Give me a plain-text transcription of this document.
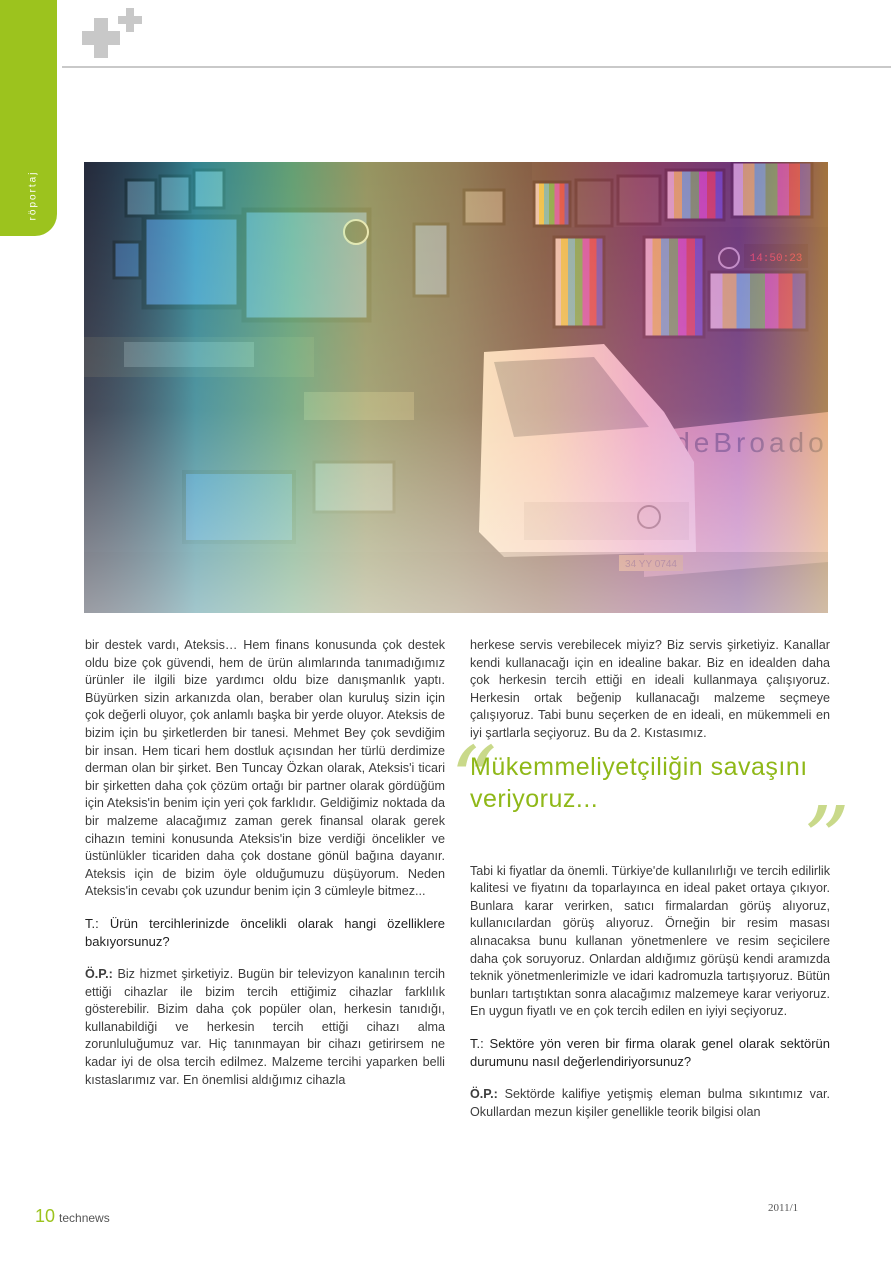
röportaj

bir destek vardı, Ateksis… Hem finans konusunda çok destek oldu bize çok güvendi, hem de ürün alımlarında tanımadığımız ürünler ile ilgili bize yardımcı oldu bize danışmanlık yaptı. Büyürken sizin arkanızda olan, beraber olan kuruluş sizin için çok değerli oluyor, çok anlamlı başka bir yerde oluyor. Ateksis de bizim için bu şirketlerden bir tanesi. Mehmet Bey çok sevdiğim bir insan. Hem ticari hem dostluk açısından her türlü derdimize derman olan bir şirket. Ben Tuncay Özkan olarak, Ateksis'i ticari bir şirketten daha çok çözüm ortağı bir partner olarak gördüğüm için Ateksis'in benim için yeri çok farklıdır. Geldiğimiz noktada da bir malzeme alacağımız zaman gerek finansal olarak gerek cihazın temini konusunda Ateksis'in bize verdiği öncelikler ve üstünlükler ticariden daha çok dostane gönül bağına dayanır. Ateksis için de bizim öyle olduğumuzu düşüyorum. Neden Ateksis'in cevabı çok uzundur benim için 3 cümleyle bitmez...

T.: Ürün tercihlerinizde öncelikli olarak hangi özelliklere bakıyorsunuz?

Ö.P.: Biz hizmet şirketiyiz. Bugün bir televizyon kanalının tercih ettiği cihazlar ile bizim tercih ettiğimiz cihazlar farklılık gösterebilir. Bizim daha çok popüler olan, herkesin tanıdığı, kullanabildiği ve herkesin tercih ettiği cihazı alma zorunluluğumuz var. Hiç tanınmayan bir cihazı getirirsem ne kadar iyi de olsa tercih edilmez. Malzeme tercihi yaparken belli kıstaslarımız var. En önemlisi aldığımız cihazla

herkese servis verebilecek miyiz? Biz servis şirketiyiz. Kanallar kendi kullanacağı için en idealine bakar. Biz en idealden daha çok herkesin tercih ettiği en ideali kullanmaya çalışıyoruz. Herkesin ortak beğenip kullanacağı malzeme seçmeye çalışıyoruz. Tabi bunu seçerken de en ideali, en mükemmeli en iyi şartlarla seçiyoruz. Bu da 2. Kıstasımız.

“
Mükemmeliyetçiliğin savaşını veriyoruz...	”

Tabi ki fiyatlar da önemli. Türkiye'de kullanılırlığı ve tercih edilirlik kalitesi ve fiyatını da toparlayınca en ideal paket ortaya çıkıyor. Bunlara karar verirken, satıcı firmalardan görüş alıyoruz, kullanıcılardan görüş alıyoruz. Örneğin bir resim masası alınacaksa bunu kullanan yönetmenlere ve resim seçicilere daha çok soruyoruz. Onlardan aldığımız görüşü kendi aramızda teknik yönetmenlerimizle ve idari kadromuzla tartışıyoruz. Bütün bunları tartıştıktan sonra alacağımız malzemeye karar veriyoruz. En uygun fiyatlı ve en çok tercih edilen en iyiyi seçiyoruz.

T.: Sektöre yön veren bir firma olarak genel olarak sektörün durumunu nasıl değerlendiriyorsunuz?

Ö.P.: Sektörde kalifiye yetişmiş eleman bulma sıkıntımız var. Okullardan mezun kişiler genellikle teorik bilgisi olan

10 technews
2011/1
